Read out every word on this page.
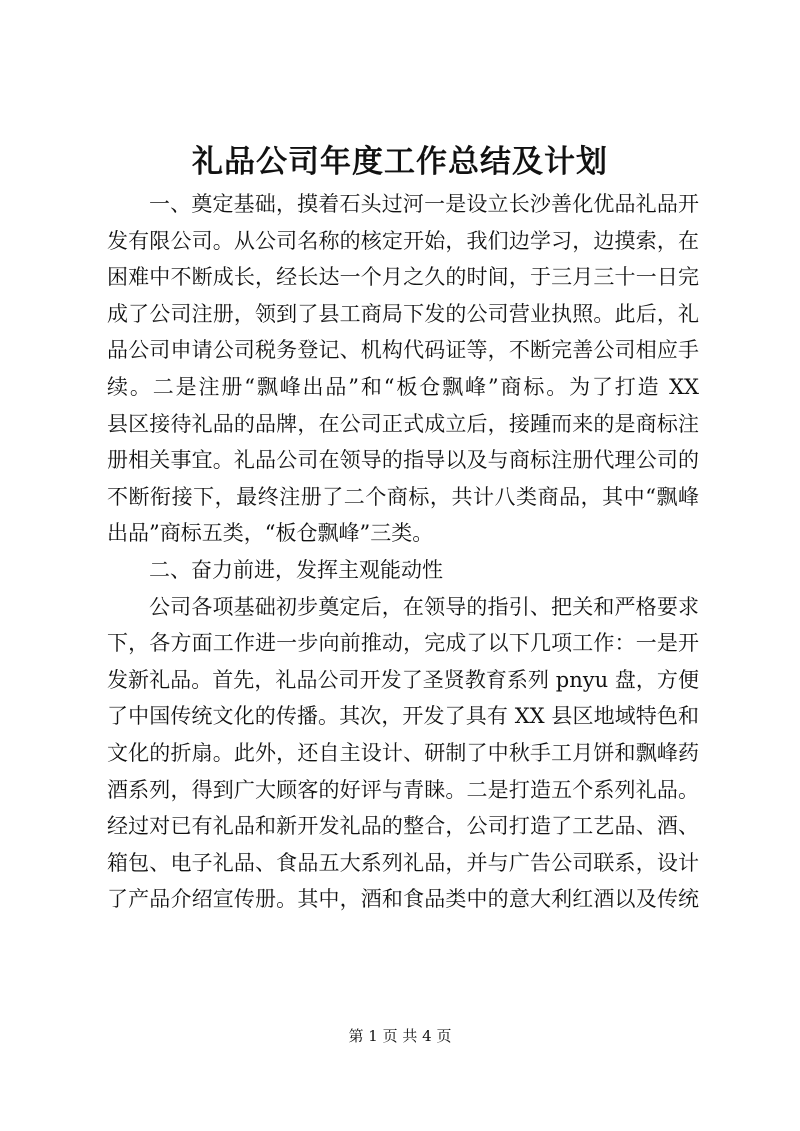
礼品公司年度工作总结及计划
一、奠定基础，摸着石头过河一是设立长沙善化优品礼品开
发有限公司。从公司名称的核定开始，我们边学习，边摸索，在
困难中不断成长，经长达一个月之久的时间，于三月三十一日完
成了公司注册，领到了县工商局下发的公司营业执照。此后，礼
品公司申请公司税务登记、机构代码证等，不断完善公司相应手
续。二是注册“飘峰出品”和“板仓飘峰”商标。为了打造 XX
县区接待礼品的品牌，在公司正式成立后，接踵而来的是商标注
册相关事宜。礼品公司在领导的指导以及与商标注册代理公司的
不断衔接下，最终注册了二个商标，共计八类商品，其中“飘峰
出品”商标五类，“板仓飘峰”三类。
二、奋力前进，发挥主观能动性
公司各项基础初步奠定后，在领导的指引、把关和严格要求
下，各方面工作进一步向前推动，完成了以下几项工作：一是开
发新礼品。首先，礼品公司开发了圣贤教育系列 pnyu 盘，方便
了中国传统文化的传播。其次，开发了具有 XX 县区地域特色和
文化的折扇。此外，还自主设计、研制了中秋手工月饼和飘峰药
酒系列，得到广大顾客的好评与青睐。二是打造五个系列礼品。
经过对已有礼品和新开发礼品的整合，公司打造了工艺品、酒、
箱包、电子礼品、食品五大系列礼品，并与广告公司联系，设计
了产品介绍宣传册。其中，酒和食品类中的意大利红酒以及传统
第 1 页 共 4 页
